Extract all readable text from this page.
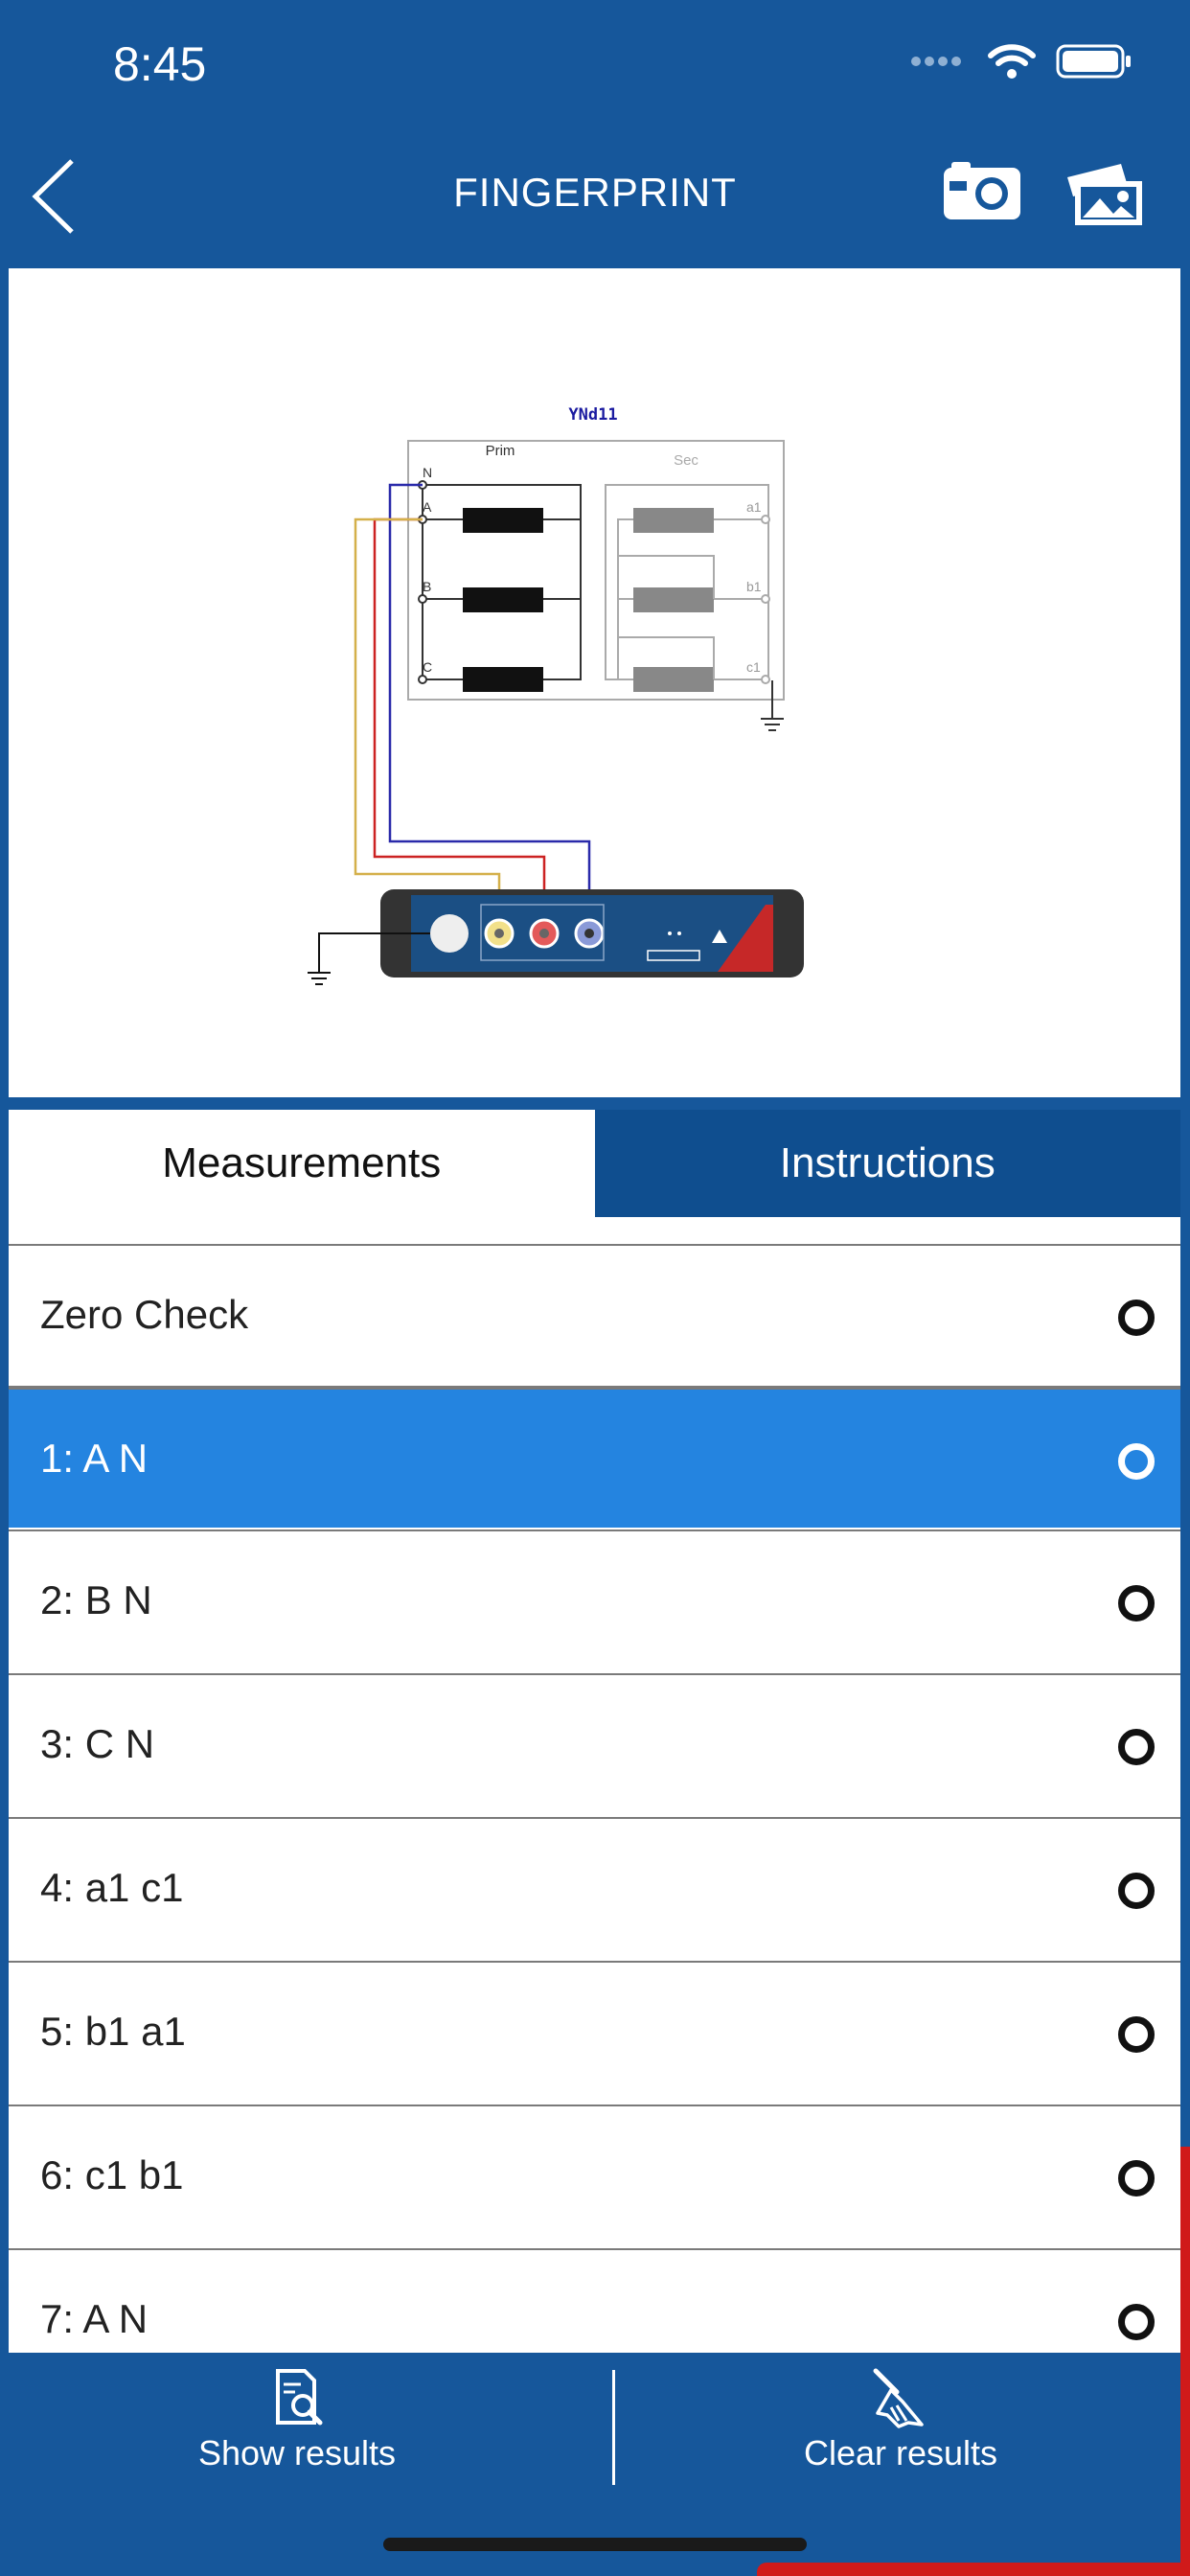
8:45
FINGERPRINT
YNd11
Prim
Sec
N
A
B
C
a1
b1
c1
Measurements	Instructions
Zero Check
1: A N
2: B N
3: C N
4: a1 c1
5: b1 a1
6: c1 b1
7: A N
Show results	Clear results
